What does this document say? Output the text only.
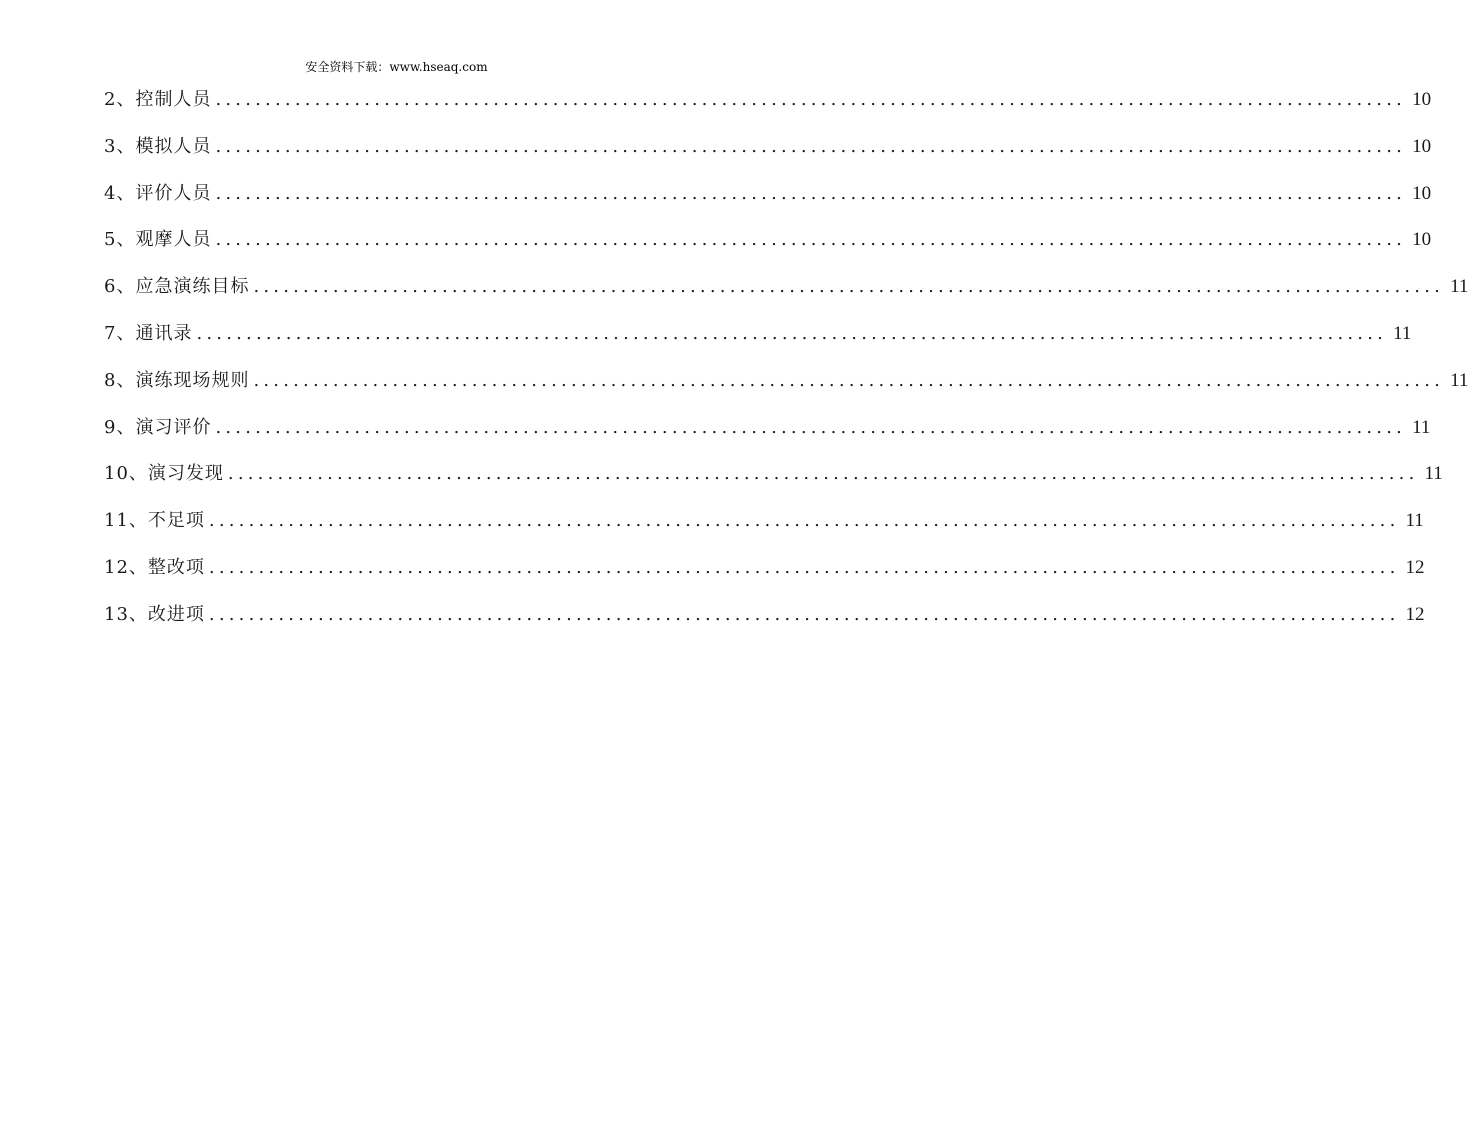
安全资料下载：www.hseaq.com
2、控制人员 ........................................................................................................................ 10
3、模拟人员 ........................................................................................................................ 10
4、评价人员 ........................................................................................................................ 10
5、观摩人员 ........................................................................................................................ 10
6、应急演练目标 ........................................................................................................................ 11
7、通讯录 ........................................................................................................................ 11
8、演练现场规则 ........................................................................................................................ 11
9、演习评价 ........................................................................................................................ 11
10、演习发现 ........................................................................................................................ 11
11、不足项 ........................................................................................................................ 11
12、整改项 ........................................................................................................................ 12
13、改进项 ........................................................................................................................ 12
